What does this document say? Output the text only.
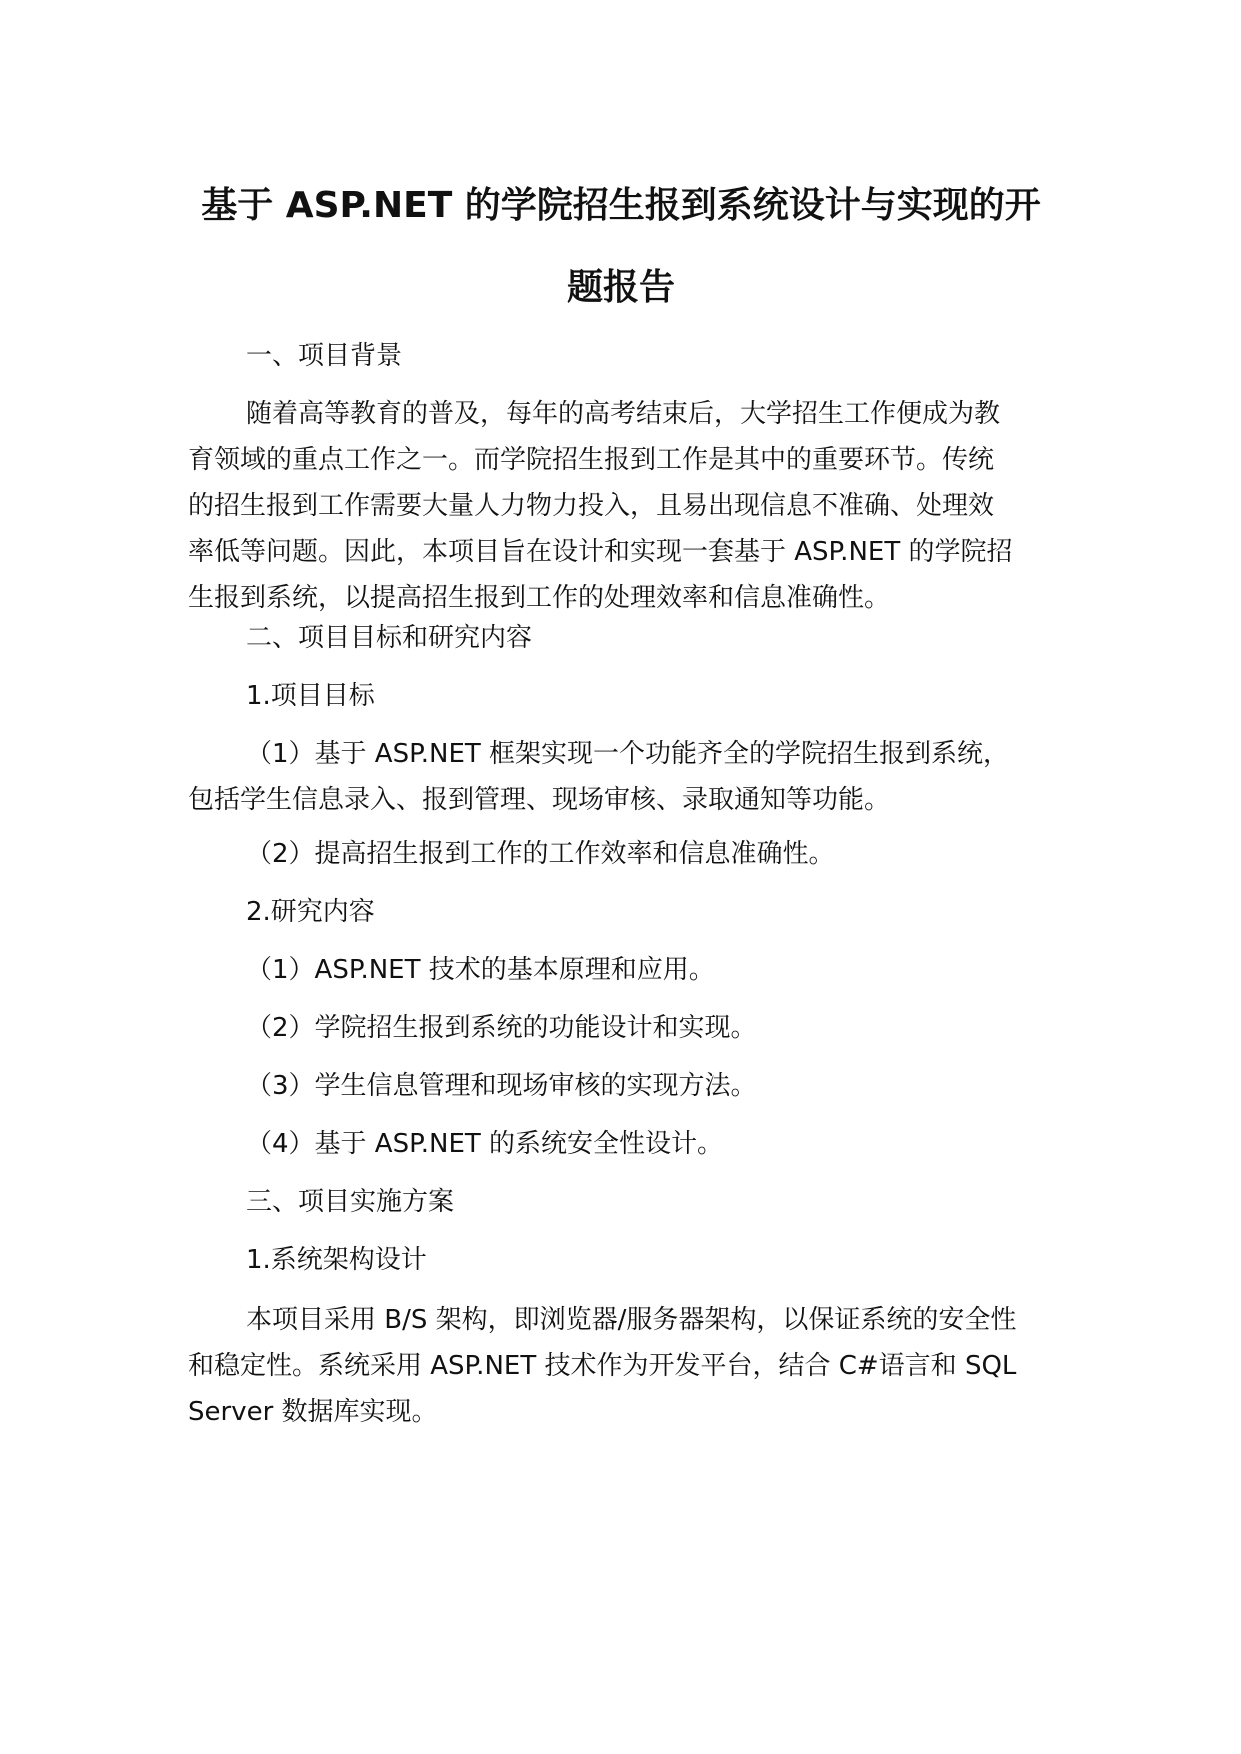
基于 ASP.NET 的学院招生报到系统设计与实现的开
题报告

一、项目背景

随着高等教育的普及，每年的高考结束后，大学招生工作便成为教
育领域的重点工作之一。而学院招生报到工作是其中的重要环节。传统
的招生报到工作需要大量人力物力投入，且易出现信息不准确、处理效
率低等问题。因此，本项目旨在设计和实现一套基于 ASP.NET 的学院招
生报到系统，以提高招生报到工作的处理效率和信息准确性。

二、项目目标和研究内容

1.项目目标

（1）基于 ASP.NET 框架实现一个功能齐全的学院招生报到系统，
包括学生信息录入、报到管理、现场审核、录取通知等功能。

（2）提高招生报到工作的工作效率和信息准确性。

2.研究内容

（1）ASP.NET 技术的基本原理和应用。

（2）学院招生报到系统的功能设计和实现。

（3）学生信息管理和现场审核的实现方法。

（4）基于 ASP.NET 的系统安全性设计。

三、项目实施方案

1.系统架构设计

本项目采用 B/S 架构，即浏览器/服务器架构，以保证系统的安全性
和稳定性。系统采用 ASP.NET 技术作为开发平台，结合 C#语言和 SQL
Server 数据库实现。
